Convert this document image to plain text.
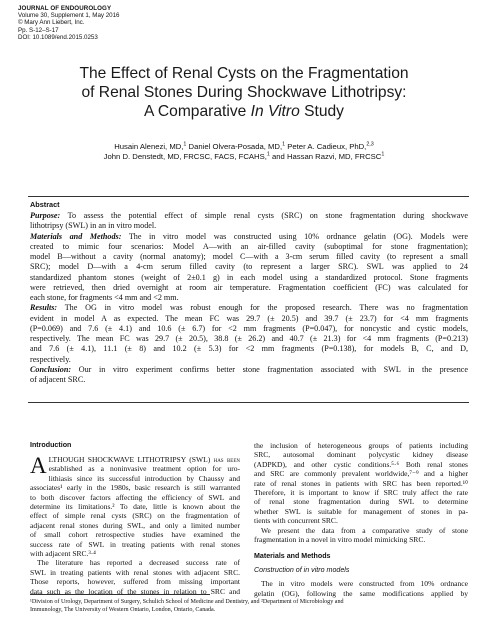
JOURNAL OF ENDOUROLOGY
Volume 30, Supplement 1, May 2016
© Mary Ann Liebert, Inc.
Pp. S-12–S-17
DOI: 10.1089/end.2015.0253
The Effect of Renal Cysts on the Fragmentation
of Renal Stones During Shockwave Lithotripsy:
A Comparative In Vitro Study
Husain Alenezi, MD,$^1$ Daniel Olvera-Posada, MD,$^1$ Peter A. Cadieux, PhD,$^{2,3}$
John D. Denstedt, MD, FRCSC, FACS, FCAHS,$^1$ and Hassan Razvi, MD, FRCSC$^1$
Abstract
Purpose: To assess the potential effect of simple renal cysts (SRC) on stone fragmentation during shockwave
lithotripsy (SWL) in an in vitro model.
Materials and Methods: The in vitro model was constructed using 10% ordnance gelatin (OG). Models were
created to mimic four scenarios: Model A—with an air-filled cavity (suboptimal for stone fragmentation);
model B—without a cavity (normal anatomy); model C—with a 3-cm serum filled cavity (to represent a small
SRC); model D—with a 4-cm serum filled cavity (to represent a larger SRC). SWL was applied to 24
standardized phantom stones (weight of 2±0.1 g) in each model using a standardized protocol. Stone fragments
were retrieved, then dried overnight at room air temperature. Fragmentation coefficient (FC) was calculated for
each stone, for fragments <4 mm and <2 mm.
Results: The OG in vitro model was robust enough for the proposed research. There was no fragmentation
evident in model A as expected. The mean FC was 29.7 (± 20.5) and 39.7 (± 23.7) for <4 mm fragments
(P=0.069) and 7.6 (± 4.1) and 10.6 (± 6.7) for <2 mm fragments (P=0.047), for noncystic and cystic models,
respectively. The mean FC was 29.7 (± 20.5), 38.8 (± 26.2) and 40.7 (± 21.3) for <4 mm fragments (P=0.213)
and 7.6 (± 4.1), 11.1 (± 8) and 10.2 (± 5.3) for <2 mm fragments (P=0.138), for models B, C, and D,
respectively.
Conclusion: Our in vitro experiment confirms better stone fragmentation associated with SWL in the presence
of adjacent SRC.
Introduction
A LTHOUGH SHOCKWAVE LITHOTRIPSY (SWL) has been
established as a noninvasive treatment option for uro-
lithiasis since its successful introduction by Chaussy and
associates¹ early in the 1980s, basic research is still warranted
to both discover factors affecting the efficiency of SWL and
determine its limitations.² To date, little is known about the
effect of simple renal cysts (SRC) on the fragmentation of
adjacent renal stones during SWL, and only a limited number
of small cohort retrospective studies have examined the
success rate of SWL in treating patients with renal stones
with adjacent SRC.³·⁴
The literature has reported a decreased success rate of
SWL in treating patients with renal stones with adjacent SRC.
Those reports, however, suffered from missing important
data such as the location of the stones in relation to SRC and
the inclusion of heterogeneous groups of patients including
SRC, autosomal dominant polycystic kidney disease
(ADPKD), and other cystic conditions.⁵·⁶ Both renal stones
and SRC are commonly prevalent worldwide,⁷⁻⁹ and a higher
rate of renal stones in patients with SRC has been reported.¹⁰
Therefore, it is important to know if SRC truly affect the rate
of renal stone fragmentation during SWL to determine
whether SWL is suitable for management of stones in pa-
tients with concurrent SRC.
We present the data from a comparative study of stone
fragmentation in a novel in vitro model mimicking SRC.
Materials and Methods
Construction of in vitro models
The in vitro models were constructed from 10% ordnance
gelatin (OG), following the same modifications applied by
¹Division of Urology, Department of Surgery, Schulich School of Medicine and Dentistry, and ²Department of Microbiology and
Immunology, The University of Western Ontario, London, Ontario, Canada.
